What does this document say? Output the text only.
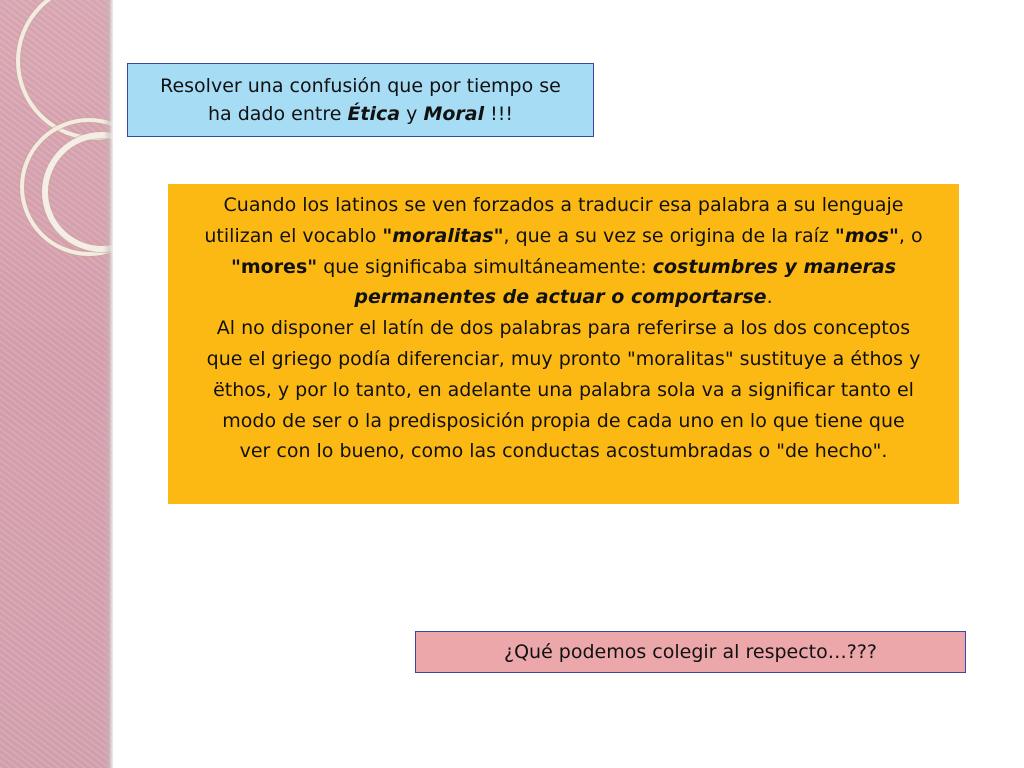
Resolver una confusión que por tiempo se
ha dado entre Ética y Moral !!!
Cuando los latinos se ven forzados a traducir esa palabra a su lenguaje
utilizan el vocablo "moralitas", que a su vez se origina de la raíz "mos", o
"mores" que significaba simultáneamente: costumbres y maneras
permanentes de actuar o comportarse.
Al no disponer el latín de dos palabras para referirse a los dos conceptos
que el griego podía diferenciar, muy pronto "moralitas" sustituye a éthos y
ëthos, y por lo tanto, en adelante una palabra sola va a significar tanto el
modo de ser o la predisposición propia de cada uno en lo que tiene que
ver con lo bueno, como las conductas acostumbradas o "de hecho".
¿Qué podemos colegir al respecto…???
